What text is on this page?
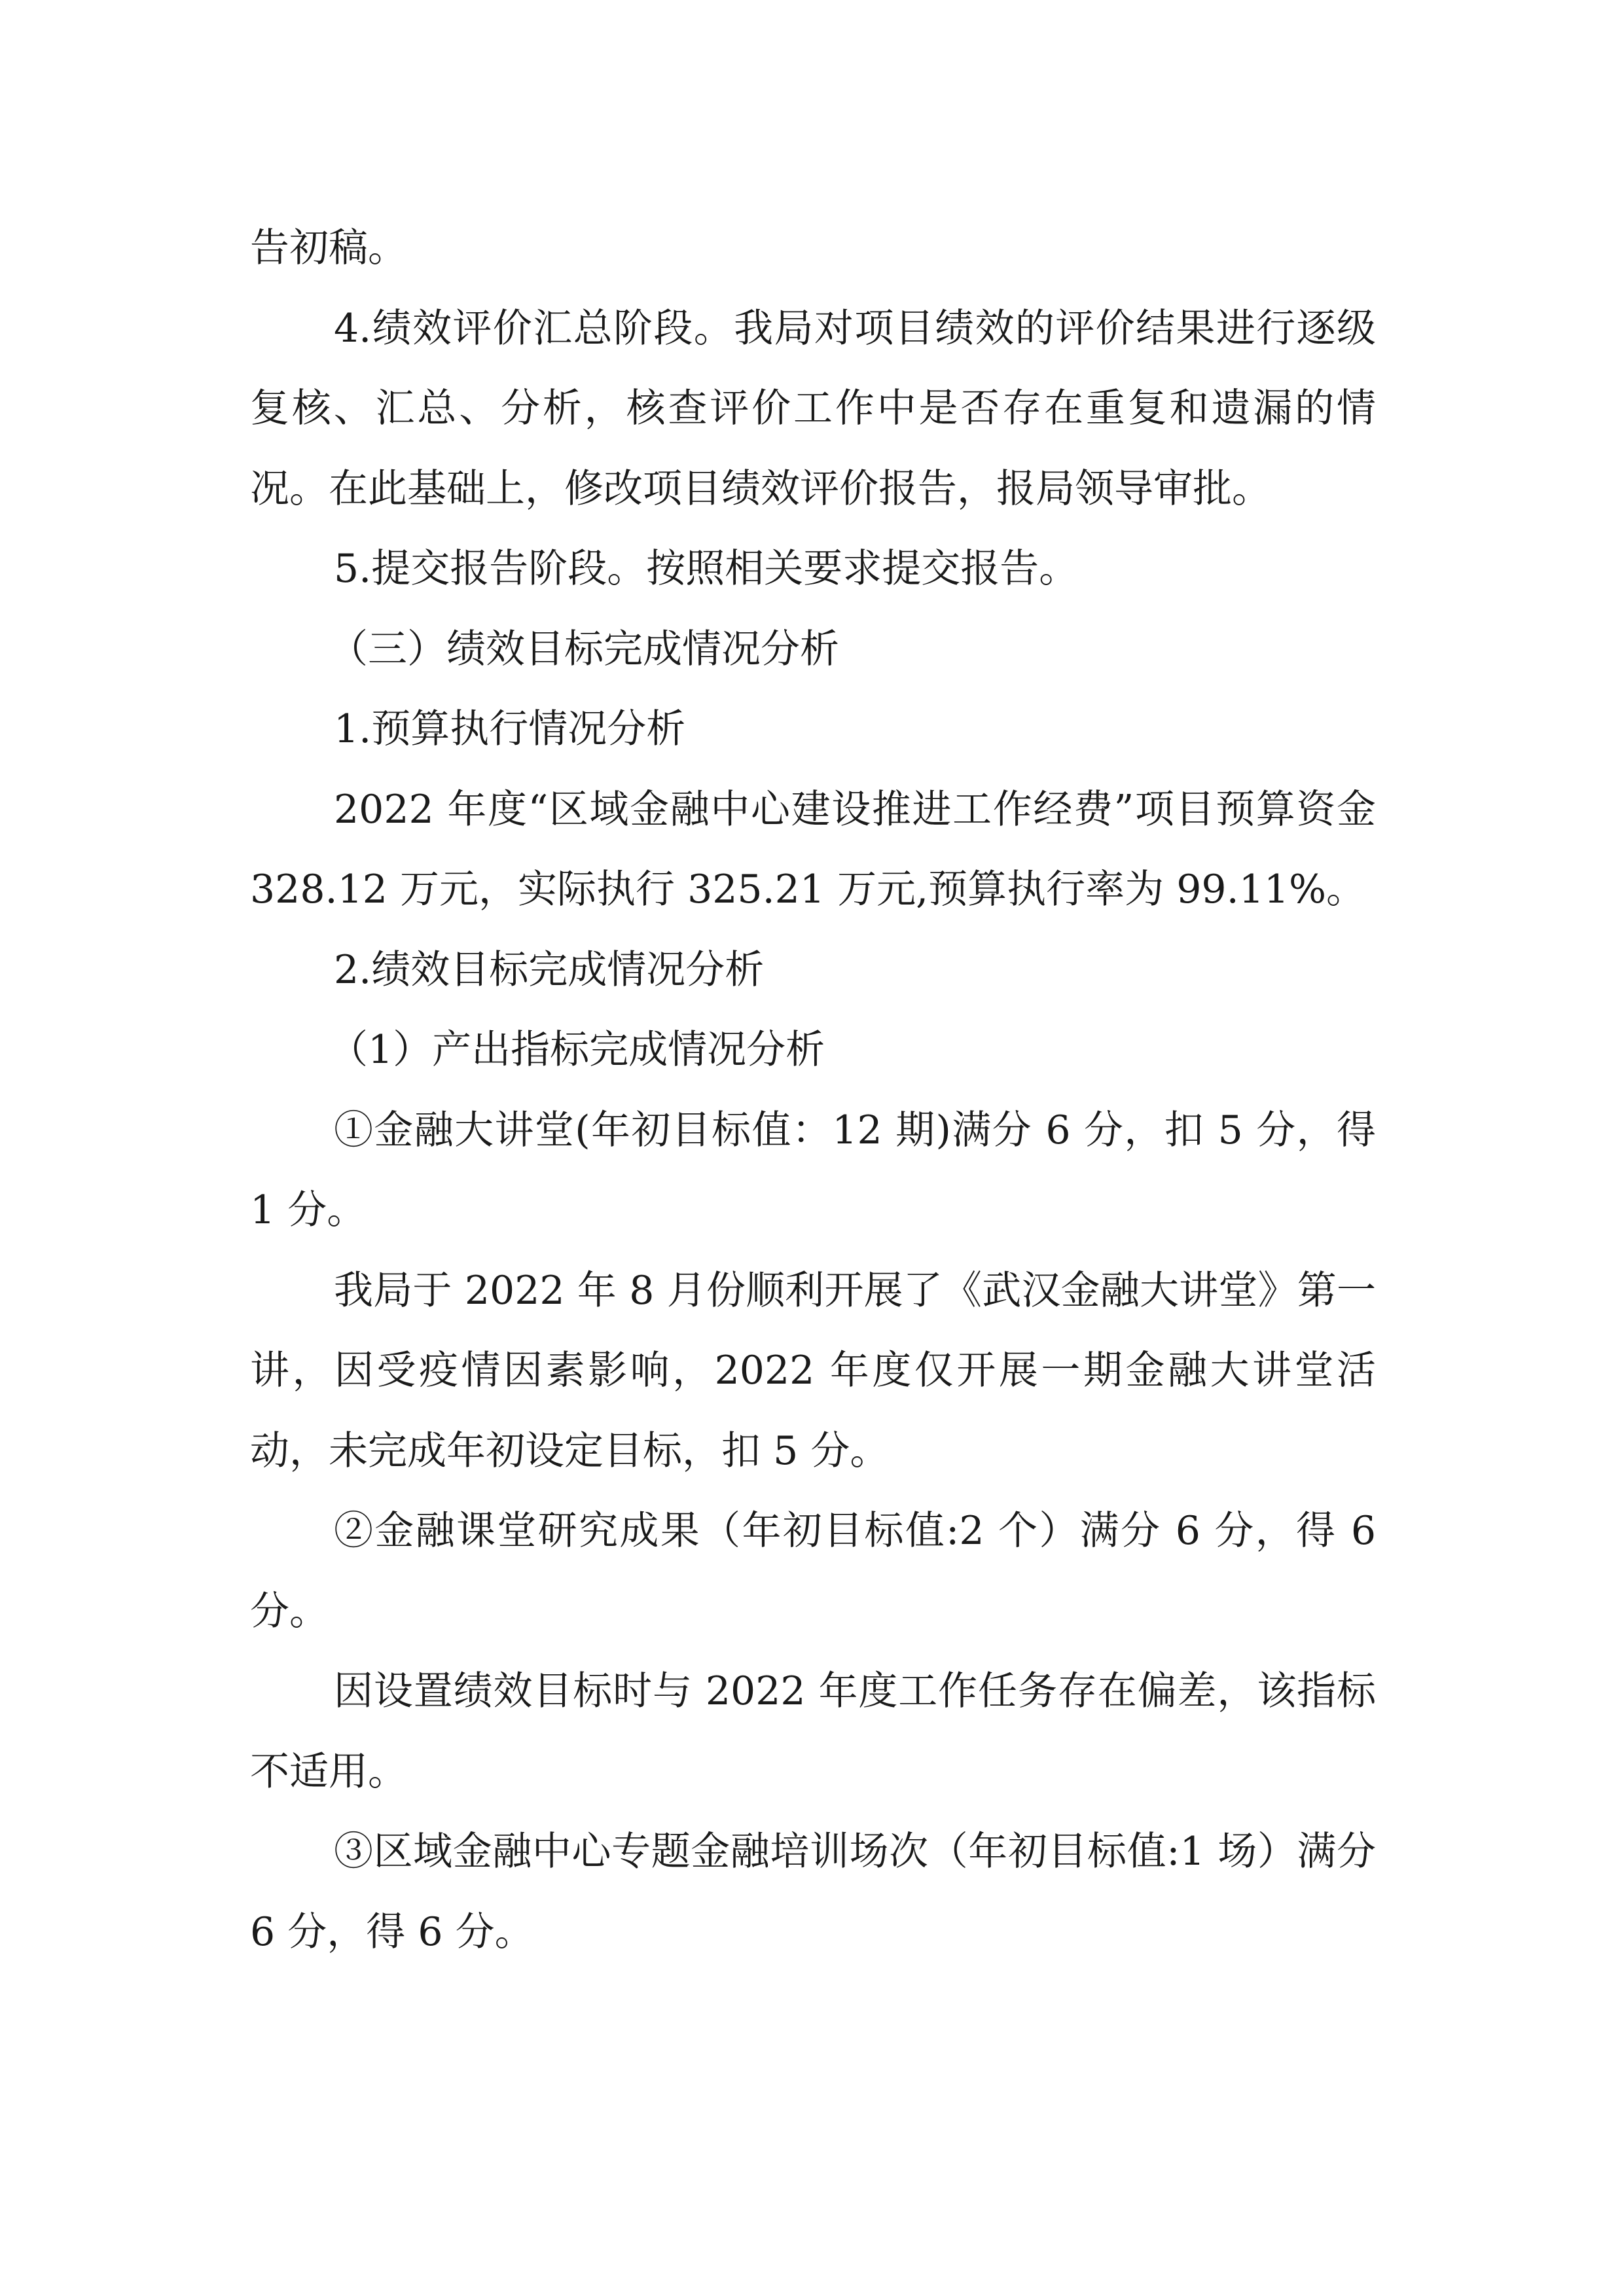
告初稿。

4.绩效评价汇总阶段。我局对项目绩效的评价结果进行逐级复核、汇总、分析，核查评价工作中是否存在重复和遗漏的情况。在此基础上，修改项目绩效评价报告，报局领导审批。

5.提交报告阶段。按照相关要求提交报告。

（三）绩效目标完成情况分析

1.预算执行情况分析

2022 年度“区域金融中心建设推进工作经费”项目预算资金 328.12 万元，实际执行 325.21 万元,预算执行率为 99.11%。

2.绩效目标完成情况分析

（1）产出指标完成情况分析

①金融大讲堂(年初目标值：12 期)满分 6 分，扣 5 分，得 1 分。

我局于 2022 年 8 月份顺利开展了《武汉金融大讲堂》第一讲，因受疫情因素影响，2022 年度仅开展一期金融大讲堂活动，未完成年初设定目标，扣 5 分。

②金融课堂研究成果（年初目标值:2 个）满分 6 分，得 6 分。

因设置绩效目标时与 2022 年度工作任务存在偏差，该指标不适用。

③区域金融中心专题金融培训场次（年初目标值:1 场）满分 6 分，得 6 分。
